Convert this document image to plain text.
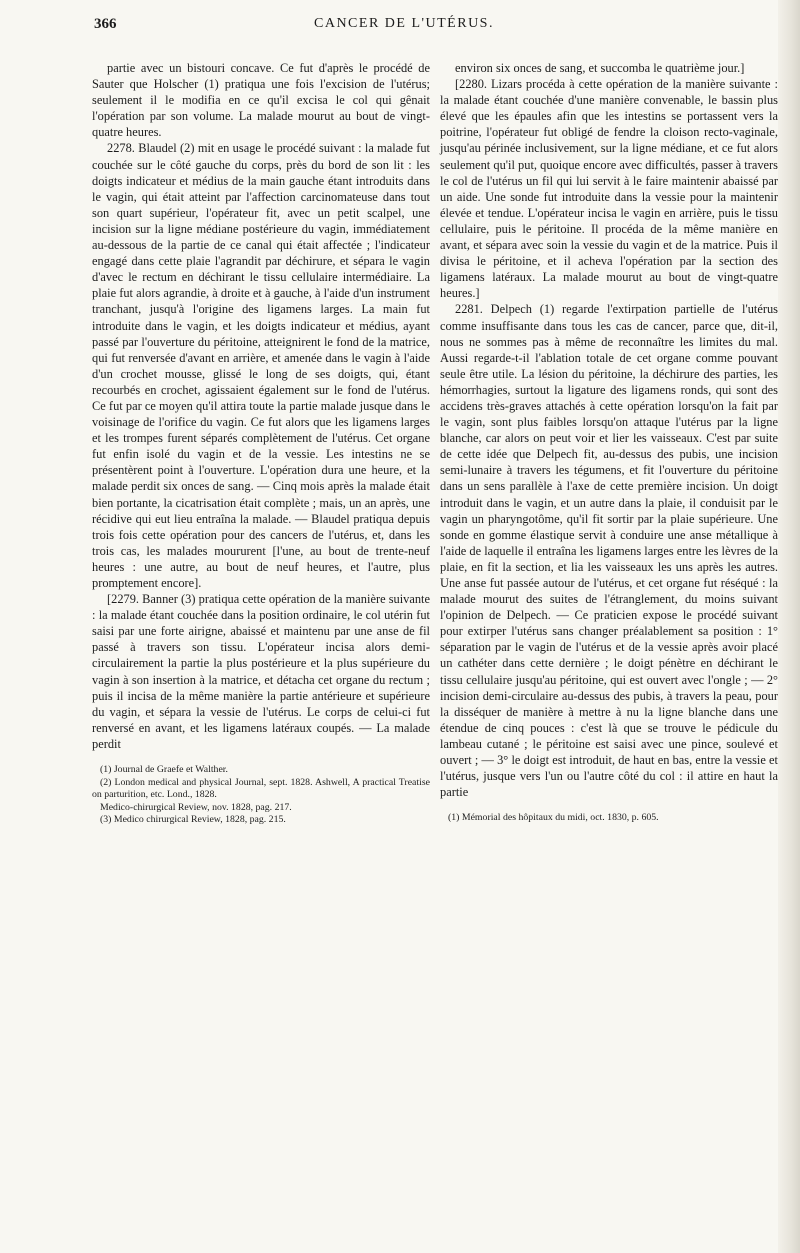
366	CANCER DE L'UTÉRUS.

partie avec un bistouri concave. Ce fut d'après le procédé de Sauter que Holscher (1) pratiqua une fois l'excision de l'utérus; seulement il le modifia en ce qu'il excisa le col qui gênait l'opération par son volume. La malade mourut au bout de vingt-quatre heures.

2278. Blaudel (2) mit en usage le procédé suivant : la malade fut couchée sur le côté gauche du corps, près du bord de son lit : les doigts indicateur et médius de la main gauche étant introduits dans le vagin, qui était atteint par l'affection carcinomateuse dans tout son quart supérieur, l'opérateur fit, avec un petit scalpel, une incision sur la ligne médiane postérieure du vagin, immédiatement au-dessous de la partie de ce canal qui était affectée ; l'indicateur engagé dans cette plaie l'agrandit par déchirure, et sépara le vagin d'avec le rectum en déchirant le tissu cellulaire intermédiaire. La plaie fut alors agrandie, à droite et à gauche, à l'aide d'un instrument tranchant, jusqu'à l'origine des ligamens larges. La main fut introduite dans le vagin, et les doigts indicateur et médius, ayant passé par l'ouverture du péritoine, atteignirent le fond de la matrice, qui fut renversée d'avant en arrière, et amenée dans le vagin à l'aide d'un crochet mousse, glissé le long de ses doigts, qui, étant recourbés en crochet, agissaient également sur le fond de l'utérus. Ce fut par ce moyen qu'il attira toute la partie malade jusque dans le voisinage de l'orifice du vagin. Ce fut alors que les ligamens larges et les trompes furent séparés complètement de l'utérus. Cet organe fut enfin isolé du vagin et de la vessie. Les intestins ne se présentèrent point à l'ouverture. L'opération dura une heure, et la malade perdit six onces de sang. — Cinq mois après la malade était bien portante, la cicatrisation était complète ; mais, un an après, une récidive qui eut lieu entraîna la malade. — Blaudel pratiqua depuis trois fois cette opération pour des cancers de l'utérus, et, dans les trois cas, les malades moururent [l'une, au bout de trente-neuf heures : une autre, au bout de neuf heures, et l'autre, plus promptement encore].

[2279. Banner (3) pratiqua cette opération de la manière suivante : la malade étant couchée dans la position ordinaire, le col utérin fut saisi par une forte airigne, abaissé et maintenu par une anse de fil passé à travers son tissu. L'opérateur incisa alors demi-circulairement la partie la plus postérieure et la plus supérieure du vagin à son insertion à la matrice, et détacha cet organe du rectum ; puis il incisa de la même manière la partie antérieure et supérieure du vagin, et sépara la vessie de l'utérus. Le corps de celui-ci fut renversé en avant, et les ligamens latéraux coupés. — La malade perdit

(1) Journal de Graefe et Walther.

(2) London medical and physical Journal, sept. 1828. Ashwell, A practical Treatise on parturition, etc. Lond., 1828.

Medico-chirurgical Review, nov. 1828, pag. 217.

(3) Medico chirurgical Review, 1828, pag. 215.

environ six onces de sang, et succomba le quatrième jour.]

[2280. Lizars procéda à cette opération de la manière suivante : la malade étant couchée d'une manière convenable, le bassin plus élevé que les épaules afin que les intestins se portassent vers la poitrine, l'opérateur fut obligé de fendre la cloison recto-vaginale, jusqu'au périnée inclusivement, sur la ligne médiane, et ce fut alors seulement qu'il put, quoique encore avec difficultés, passer à travers le col de l'utérus un fil qui lui servit à le faire maintenir abaissé par un aide. Une sonde fut introduite dans la vessie pour la maintenir élevée et tendue. L'opérateur incisa le vagin en arrière, puis le tissu cellulaire, puis le péritoine. Il procéda de la même manière en avant, et sépara avec soin la vessie du vagin et de la matrice. Puis il divisa le péritoine, et il acheva l'opération par la section des ligamens latéraux. La malade mourut au bout de vingt-quatre heures.]

2281. Delpech (1) regarde l'extirpation partielle de l'utérus comme insuffisante dans tous les cas de cancer, parce que, dit-il, nous ne sommes pas à même de reconnaître les limites du mal. Aussi regarde-t-il l'ablation totale de cet organe comme pouvant seule être utile. La lésion du péritoine, la déchirure des parties, les hémorrhagies, surtout la ligature des ligamens ronds, qui sont des accidens très-graves attachés à cette opération lorsqu'on la fait par le vagin, sont plus faibles lorsqu'on attaque l'utérus par la ligne blanche, car alors on peut voir et lier les vaisseaux. C'est par suite de cette idée que Delpech fit, au-dessus des pubis, une incision semi-lunaire à travers les tégumens, et fit l'ouverture du péritoine dans un sens parallèle à l'axe de cette première incision. Un doigt introduit dans le vagin, et un autre dans la plaie, il conduisit par le vagin un pharyngotôme, qu'il fit sortir par la plaie supérieure. Une sonde en gomme élastique servit à conduire une anse métallique à l'aide de laquelle il entraîna les ligamens larges entre les lèvres de la plaie, en fit la section, et lia les vaisseaux les uns après les autres. Une anse fut passée autour de l'utérus, et cet organe fut réséqué : la malade mourut des suites de l'étranglement, du moins suivant l'opinion de Delpech. — Ce praticien expose le procédé suivant pour extirper l'utérus sans changer préalablement sa position : 1° séparation par le vagin de l'utérus et de la vessie après avoir placé un cathéter dans cette dernière ; le doigt pénètre en déchirant le tissu cellulaire jusqu'au péritoine, qui est ouvert avec l'ongle ; — 2° incision demi-circulaire au-dessus des pubis, à travers la peau, pour la disséquer de manière à mettre à nu la ligne blanche dans une étendue de cinq pouces : c'est là que se trouve le pédicule du lambeau cutané ; le péritoine est saisi avec une pince, soulevé et ouvert ; — 3° le doigt est introduit, de haut en bas, entre la vessie et l'utérus, jusque vers l'un ou l'autre côté du col : il attire en haut la partie

(1) Mémorial des hôpitaux du midi, oct. 1830, p. 605.
